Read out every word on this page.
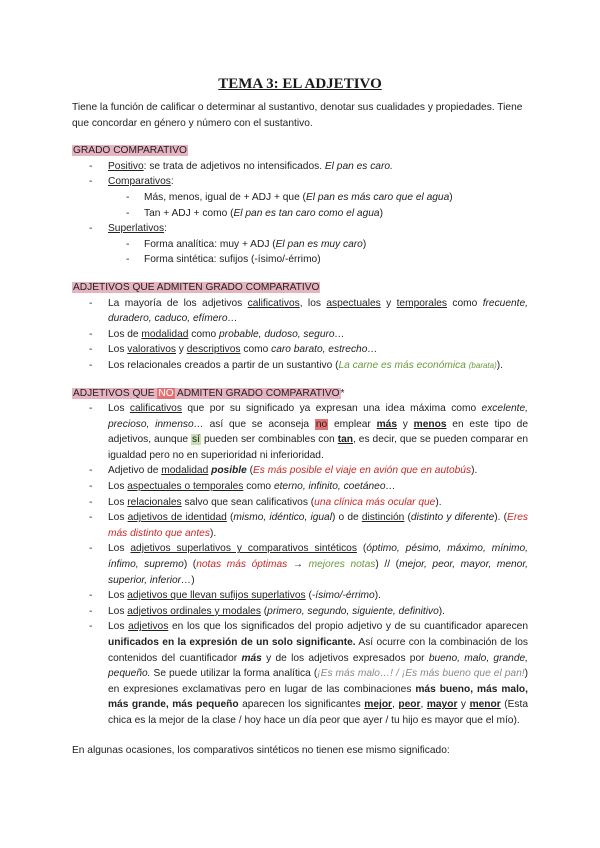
TEMA 3: EL ADJETIVO

Tiene la función de calificar o determinar al sustantivo, denotar sus cualidades y propiedades. Tiene que concordar en género y número con el sustantivo.

GRADO COMPARATIVO
- Positivo: se trata de adjetivos no intensificados. El pan es caro.
- Comparativos:
- Más, menos, igual de + ADJ + que (El pan es más caro que el agua)
- Tan + ADJ + como (El pan es tan caro como el agua)
- Superlativos:
- Forma analítica: muy + ADJ (El pan es muy caro)
- Forma sintética: sufijos (-ísimo/-érrimo)
ADJETIVOS QUE ADMITEN GRADO COMPARATIVO
- La mayoría de los adjetivos calificativos, los aspectuales y temporales como frecuente, duradero, caduco, efímero…
- Los de modalidad como probable, dudoso, seguro…
- Los valorativos y descriptivos como caro barato, estrecho…
- Los relacionales creados a partir de un sustantivo (La carne es más económica (barata)).
ADJETIVOS QUE NO ADMITEN GRADO COMPARATIVO*
- Los calificativos que por su significado ya expresan una idea máxima como excelente, precioso, inmenso… así que se aconseja no emplear más y menos en este tipo de adjetivos, aunque sí pueden ser combinables con tan, es decir, que se pueden comparar en igualdad pero no en superioridad ni inferioridad.
- Adjetivo de modalidad posible (Es más posible el viaje en avión que en autobús).
- Los aspectuales o temporales como eterno, infinito, coetáneo…
- Los relacionales salvo que sean calificativos (una clínica más ocular que).
- Los adjetivos de identidad (mismo, idéntico, igual) o de distinción (distinto y diferente). (Eres más distinto que antes).
- Los adjetivos superlativos y comparativos sintéticos (óptimo, pésimo, máximo, mínimo, ínfimo, supremo) (notas más óptimas → mejores notas) // (mejor, peor, mayor, menor, superior, inferior…)
- Los adjetivos que llevan sufijos superlativos (-ísimo/-érrimo).
- Los adjetivos ordinales y modales (primero, segundo, siguiente, definitivo).
- Los adjetivos en los que los significados del propio adjetivo y de su cuantificador aparecen unificados en la expresión de un solo significante. Así ocurre con la combinación de los contenidos del cuantificador más y de los adjetivos expresados por bueno, malo, grande, pequeño. Se puede utilizar la forma analítica (¡Es más malo…! / ¡Es más bueno que el pan!) en expresiones exclamativas pero en lugar de las combinaciones más bueno, más malo, más grande, más pequeño aparecen los significantes mejor, peor, mayor y menor (Esta chica es la mejor de la clase / hoy hace un día peor que ayer / tu hijo es mayor que el mío).

En algunas ocasiones, los comparativos sintéticos no tienen ese mismo significado:
